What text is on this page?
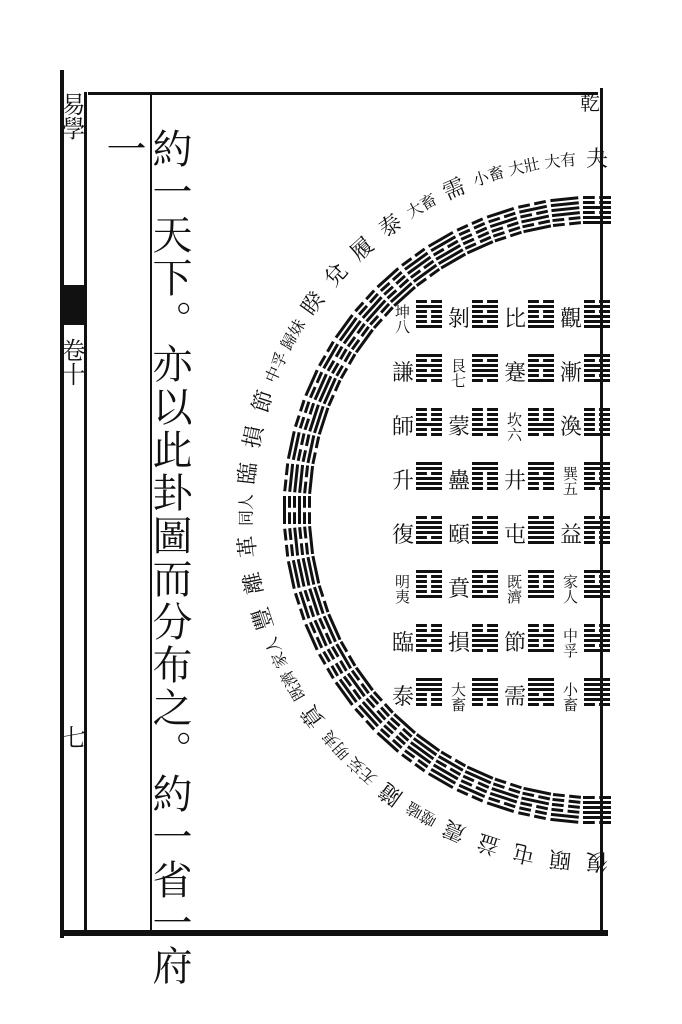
易學
卷十
七	約一天下。亦以此卦圖而分布之。約一省一府一	夬
大有
大壯
小畜
需
大畜
泰
履
兌
睽
歸妹
中孚
節
損
臨
同人
革
離
豐
家人
既濟
賁
明夷
无妄
隨
噬嗑 震 益 屯 頤 復
乾
觀
漸
渙
巽五
益
家人
中孚
小畜
比
蹇
坎六
井
屯
既濟
節
需
剝
艮七
蒙
蠱
頤
賁
損
大畜
坤八
謙
師
升
復
明夷
臨
泰
